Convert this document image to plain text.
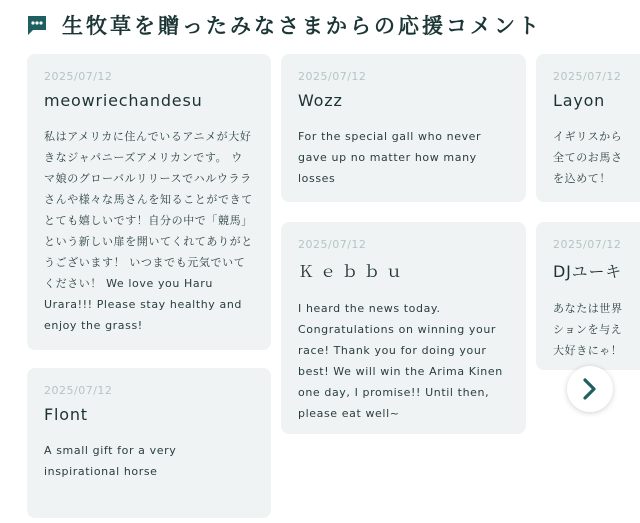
生牧草を贈ったみなさまからの応援コメント
2025/07/12
meowriechandesu
私はアメリカに住んでいるアニメが大好きなジャパニーズアメリカンです。 ウマ娘のグローバルリリースでハルウララさんや様々な馬さんを知ることができてとても嬉しいです！自分の中で「競馬」という新しい扉を開いてくれてありがとうございます！ いつまでも元気でいてください！ We love you Haru Urara!!! Please stay healthy and enjoy the grass!
2025/07/12
Flont
A small gift for a very inspirational horse
2025/07/12
Wozz
For the special gall who never gave up no matter how many losses
2025/07/12
Ｋｅｂｂｕ
I heard the news today. Congratulations on winning your race! Thank you for doing your best! We will win the Arima Kinen one day, I promise!! Until then, please eat well~
2025/07/12
Layon
イギリスから全てのお馬さを込めて！
2025/07/12
DJユーキ
あなたは世界ションを与え大好きにゃ！
